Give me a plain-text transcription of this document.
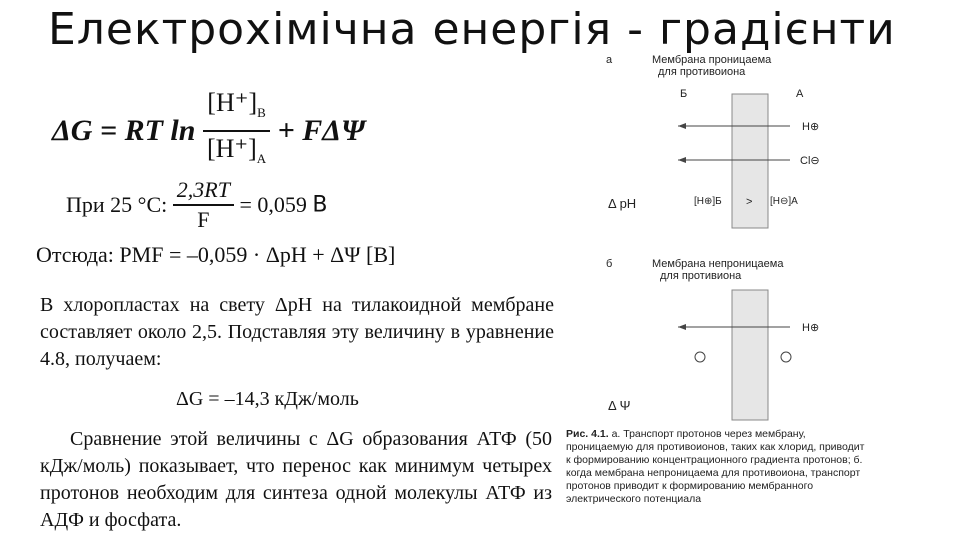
Електрохімічна енергія - градієнти
ΔG = RT $\ln \frac{[H^+]_B}{[H^+]_A} + F\Delta\Psi$
При 25 °С: $\frac{2,3RT}{F} = 0,059$ В
Отсюда: PMF = –0,059 · ΔpH + ΔΨ [B]
В хлоропластах на свету ΔpH на тилакоидной мембране составляет около 2,5. Подставляя эту величину в уравнение 4.8, получаем:
ΔG = –14,3 кДж/моль
Сравнение этой величины с ΔG образования АТФ (50 кДж/моль) показывает, что перенос как минимум четырех протонов необходим для синтеза одной молекулы АТФ из АДФ и фосфата.
а	Мембрана проницаема
для противоиона
Б	А
H⊕
Cl⊖
Δ pH	[H⊕]Б > [H⊖]А
б	Мембрана непроницаема
для противиона
H⊕
Δ Ψ
Рис. 4.1. а. Транспорт протонов через мембрану, проницаемую для противоионов, таких как хлорид, приводит к формированию концентрационного градиента протонов; б. когда мембрана непроницаема для противоиона, транспорт протонов приводит к формированию мембранного электрического потенциала
